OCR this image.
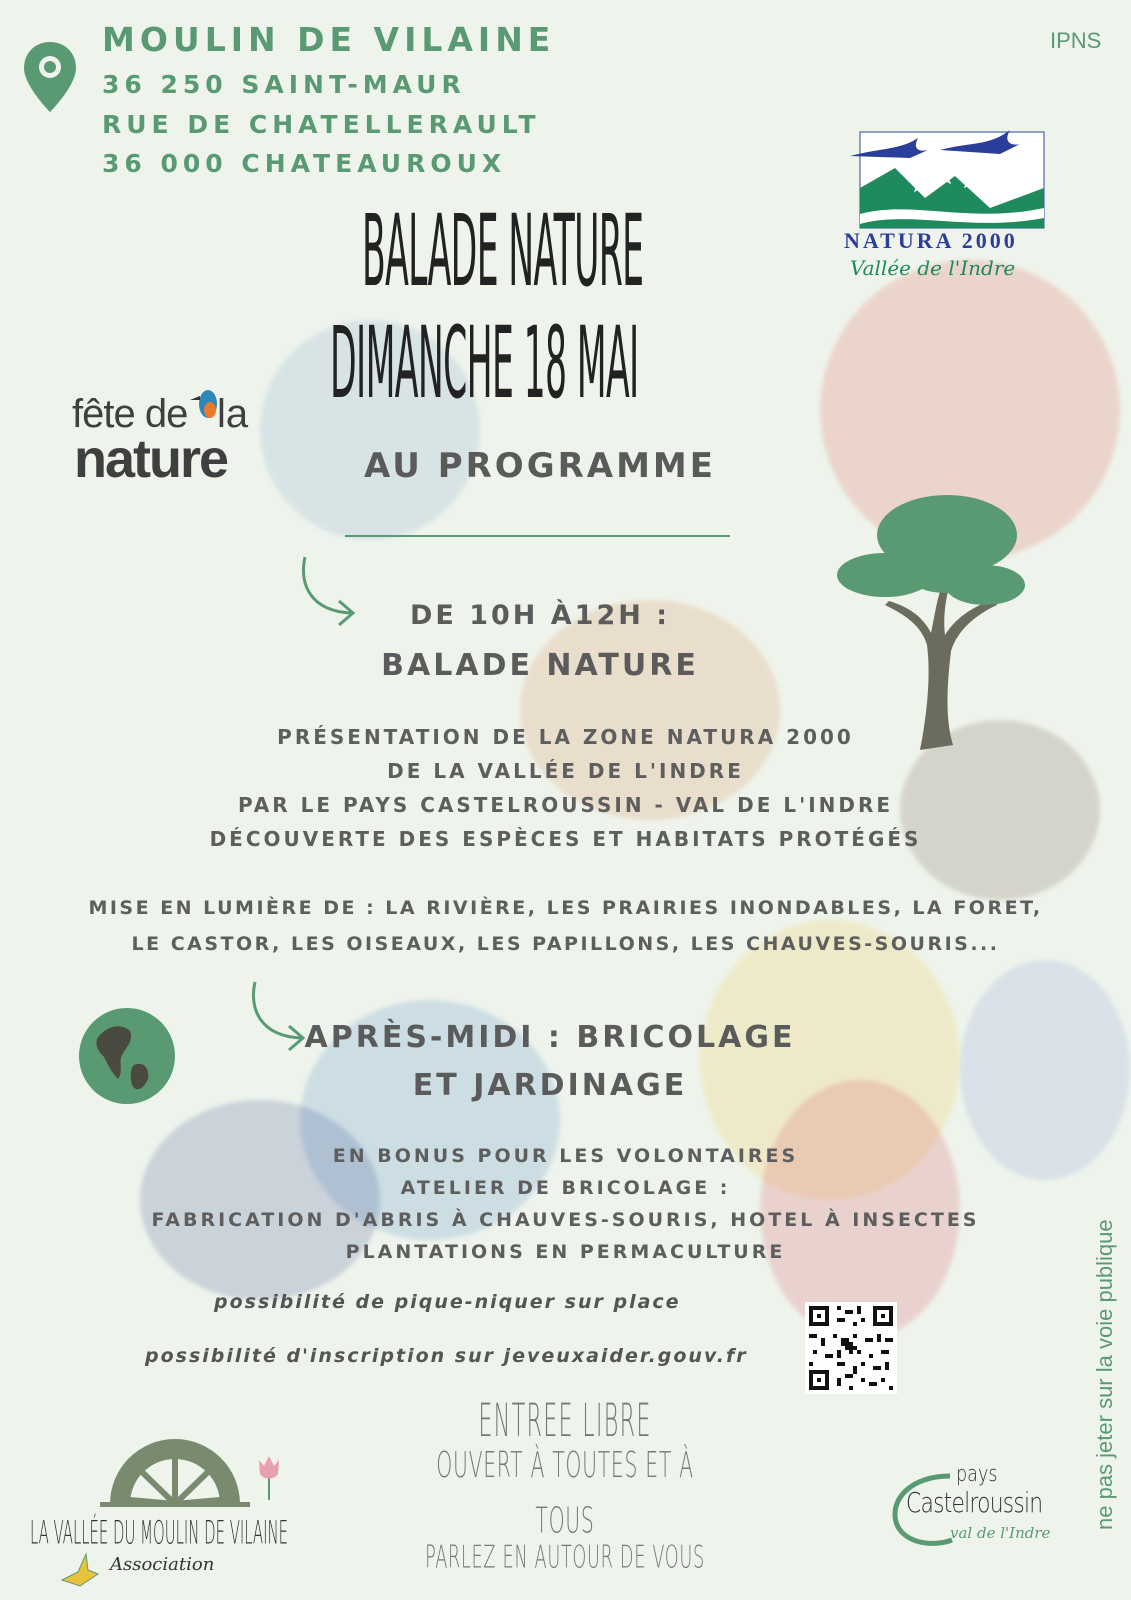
MOULIN DE VILAINE
36 250 SAINT-MAUR
RUE DE CHATELLERAULT
36 000 CHATEAUROUX
IPNS
NATURA 2000
Vallée de l'Indre
BALADE NATURE
DIMANCHE 18 MAI
fête de la
nature	AU PROGRAMME
DE 10H À12H :
BALADE NATURE
PRÉSENTATION DE LA ZONE NATURA 2000
DE LA VALLÉE DE L'INDRE
PAR LE PAYS CASTELROUSSIN - VAL DE L'INDRE
DÉCOUVERTE DES ESPÈCES ET HABITATS PROTÉGÉS
MISE EN LUMIÈRE DE : LA RIVIÈRE, LES PRAIRIES INONDABLES, LA FORET,
LE CASTOR, LES OISEAUX, LES PAPILLONS, LES CHAUVES-SOURIS...
APRÈS-MIDI : BRICOLAGE
ET JARDINAGE
EN BONUS POUR LES VOLONTAIRES
ATELIER DE BRICOLAGE :
FABRICATION D'ABRIS À CHAUVES-SOURIS, HOTEL À INSECTES
PLANTATIONS EN PERMACULTURE
possibilité de pique-niquer sur place
possibilité d'inscription sur jeveuxaider.gouv.fr
ENTREE LIBRE
OUVERT À TOUTES ET À TOUS
PARLEZ EN AUTOUR DE VOUS
LA VALLÉE DU MOULIN DE VILAINE
Association
pays
Castelroussin
val de l'Indre
ne pas jeter sur la voie publique
